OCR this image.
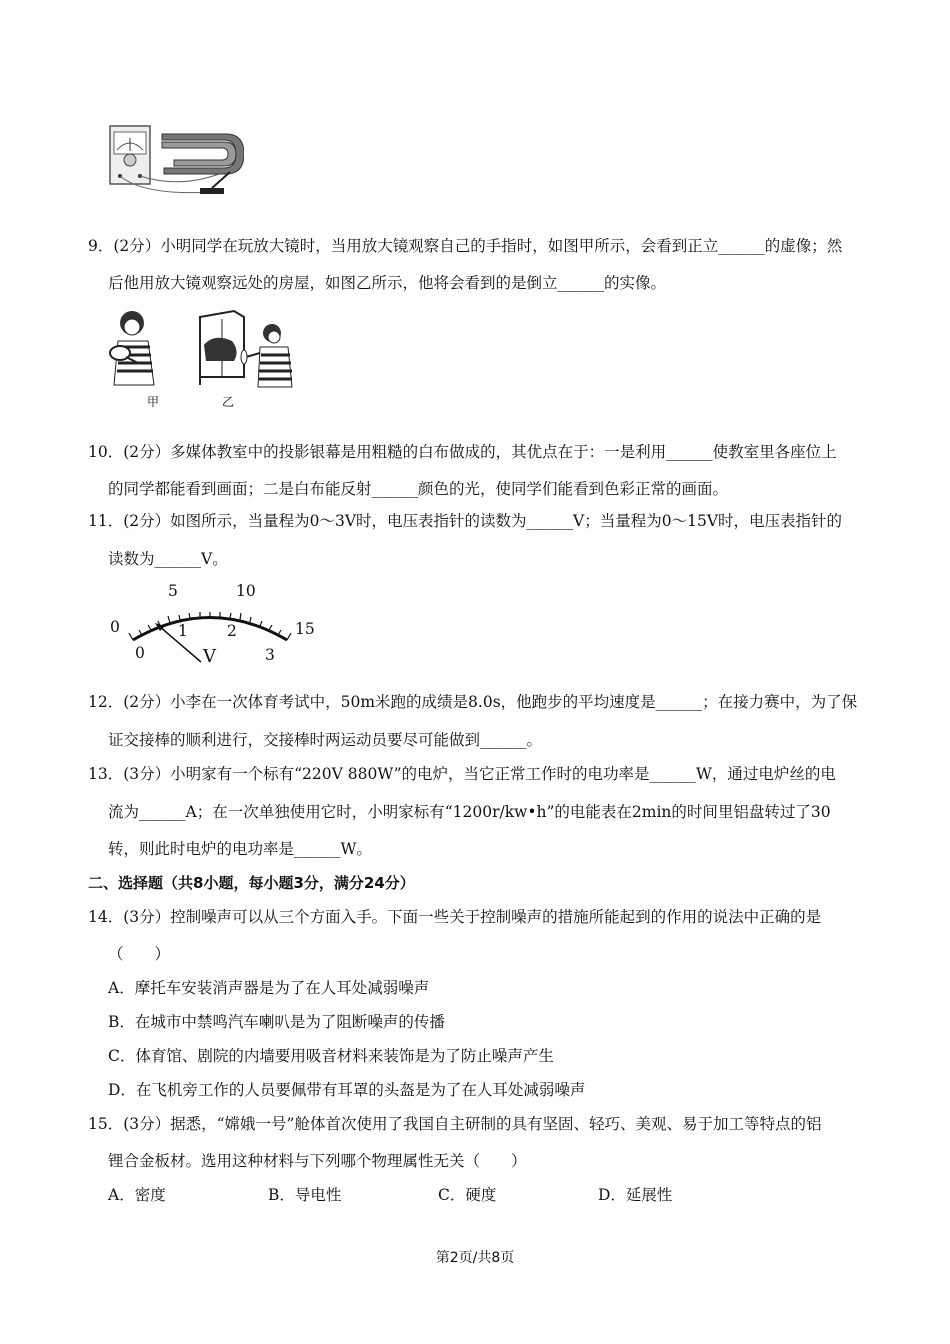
9．(2分）小明同学在玩放大镜时，当用放大镜观察自己的手指时，如图甲所示，会看到正立______的虚像；然
后他用放大镜观察远处的房屋，如图乙所示，他将会看到的是倒立______的实像。
甲	乙
10．(2分）多媒体教室中的投影银幕是用粗糙的白布做成的，其优点在于：一是利用______使教室里各座位上
的同学都能看到画面；二是白布能反射______颜色的光，使同学们能看到色彩正常的画面。
11．(2分）如图所示，当量程为0～3V时，电压表指针的读数为______V；当量程为0～15V时，电压表指针的
读数为______V。
0
5	10
15
0
1	2
3
V
12．(2分）小李在一次体育考试中，50m米跑的成绩是8.0s，他跑步的平均速度是______；在接力赛中，为了保
证交接棒的顺利进行，交接棒时两运动员要尽可能做到______。
13．(3分）小明家有一个标有“220V 880W”的电炉，当它正常工作时的电功率是______W，通过电炉丝的电
流为______A；在一次单独使用它时，小明家标有“1200r/kw•h”的电能表在2min的时间里铝盘转过了30
转，则此时电炉的电功率是______W。
二、选择题（共8小题，每小题3分，满分24分）
14．(3分）控制噪声可以从三个方面入手。下面一些关于控制噪声的措施所能起到的作用的说法中正确的是
（　　）
A．摩托车安装消声器是为了在人耳处减弱噪声
B．在城市中禁鸣汽车喇叭是为了阻断噪声的传播
C．体育馆、剧院的内墙要用吸音材料来装饰是为了防止噪声产生
D．在飞机旁工作的人员要佩带有耳罩的头盔是为了在人耳处减弱噪声
15．(3分）据悉，“嫦娥一号”舱体首次使用了我国自主研制的具有坚固、轻巧、美观、易于加工等特点的铝
锂合金板材。选用这种材料与下列哪个物理属性无关（　　）
A．密度	B．导电性	C．硬度	D．延展性
第2页/共8页
